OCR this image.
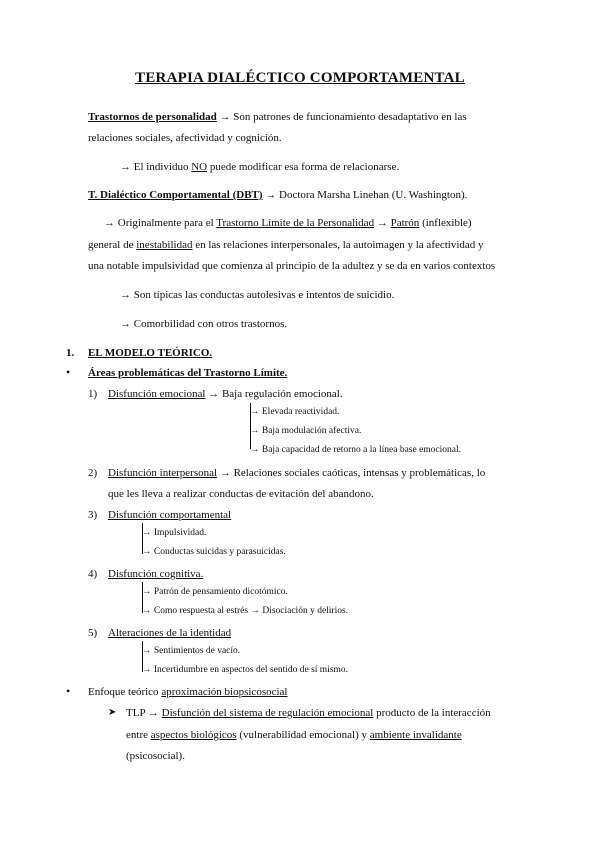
TERAPIA DIALÉCTICO COMPORTAMENTAL
Trastornos de personalidad → Son patrones de funcionamiento desadaptativo en las
relaciones sociales, afectividad y cognición.
→ El individuo NO puede modificar esa forma de relacionarse.
T. Dialéctico Comportamental (DBT) → Doctora Marsha Linehan (U. Washington).
→ Originalmente para el Trastorno Límite de la Personalidad → Patrón (inflexible)
general de inestabilidad en las relaciones interpersonales, la autoimagen y la afectividad y
una notable impulsividad que comienza al principio de la adultez y se da en varios contextos
→ Son típicas las conductas autolesivas e intentos de suicidio.
→ Comorbilidad con otros trastornos.
1. EL MODELO TEÓRICO.
• Áreas problemáticas del Trastorno Límite.
1) Disfunción emocional → Baja regulación emocional.
→ Elevada reactividad.
→ Baja modulación afectiva.
→ Baja capacidad de retorno a la línea base emocional.
2) Disfunción interpersonal → Relaciones sociales caóticas, intensas y problemáticas, lo
que les lleva a realizar conductas de evitación del abandono.
3) Disfunción comportamental
→ Impulsividad.
→ Conductas suicidas y parasuicidas.
4) Disfunción cognitiva.
→ Patrón de pensamiento dicotómico.
→ Como respuesta al estrés → Disociación y delirios.
5) Alteraciones de la identidad
→ Sentimientos de vacío.
→ Incertidumbre en aspectos del sentido de sí mismo.
• Enfoque teórico aproximación biopsicosocial
➤ TLP → Disfunción del sistema de regulación emocional producto de la interacción
entre aspectos biológicos (vulnerabilidad emocional) y ambiente invalidante
(psicosocial).
